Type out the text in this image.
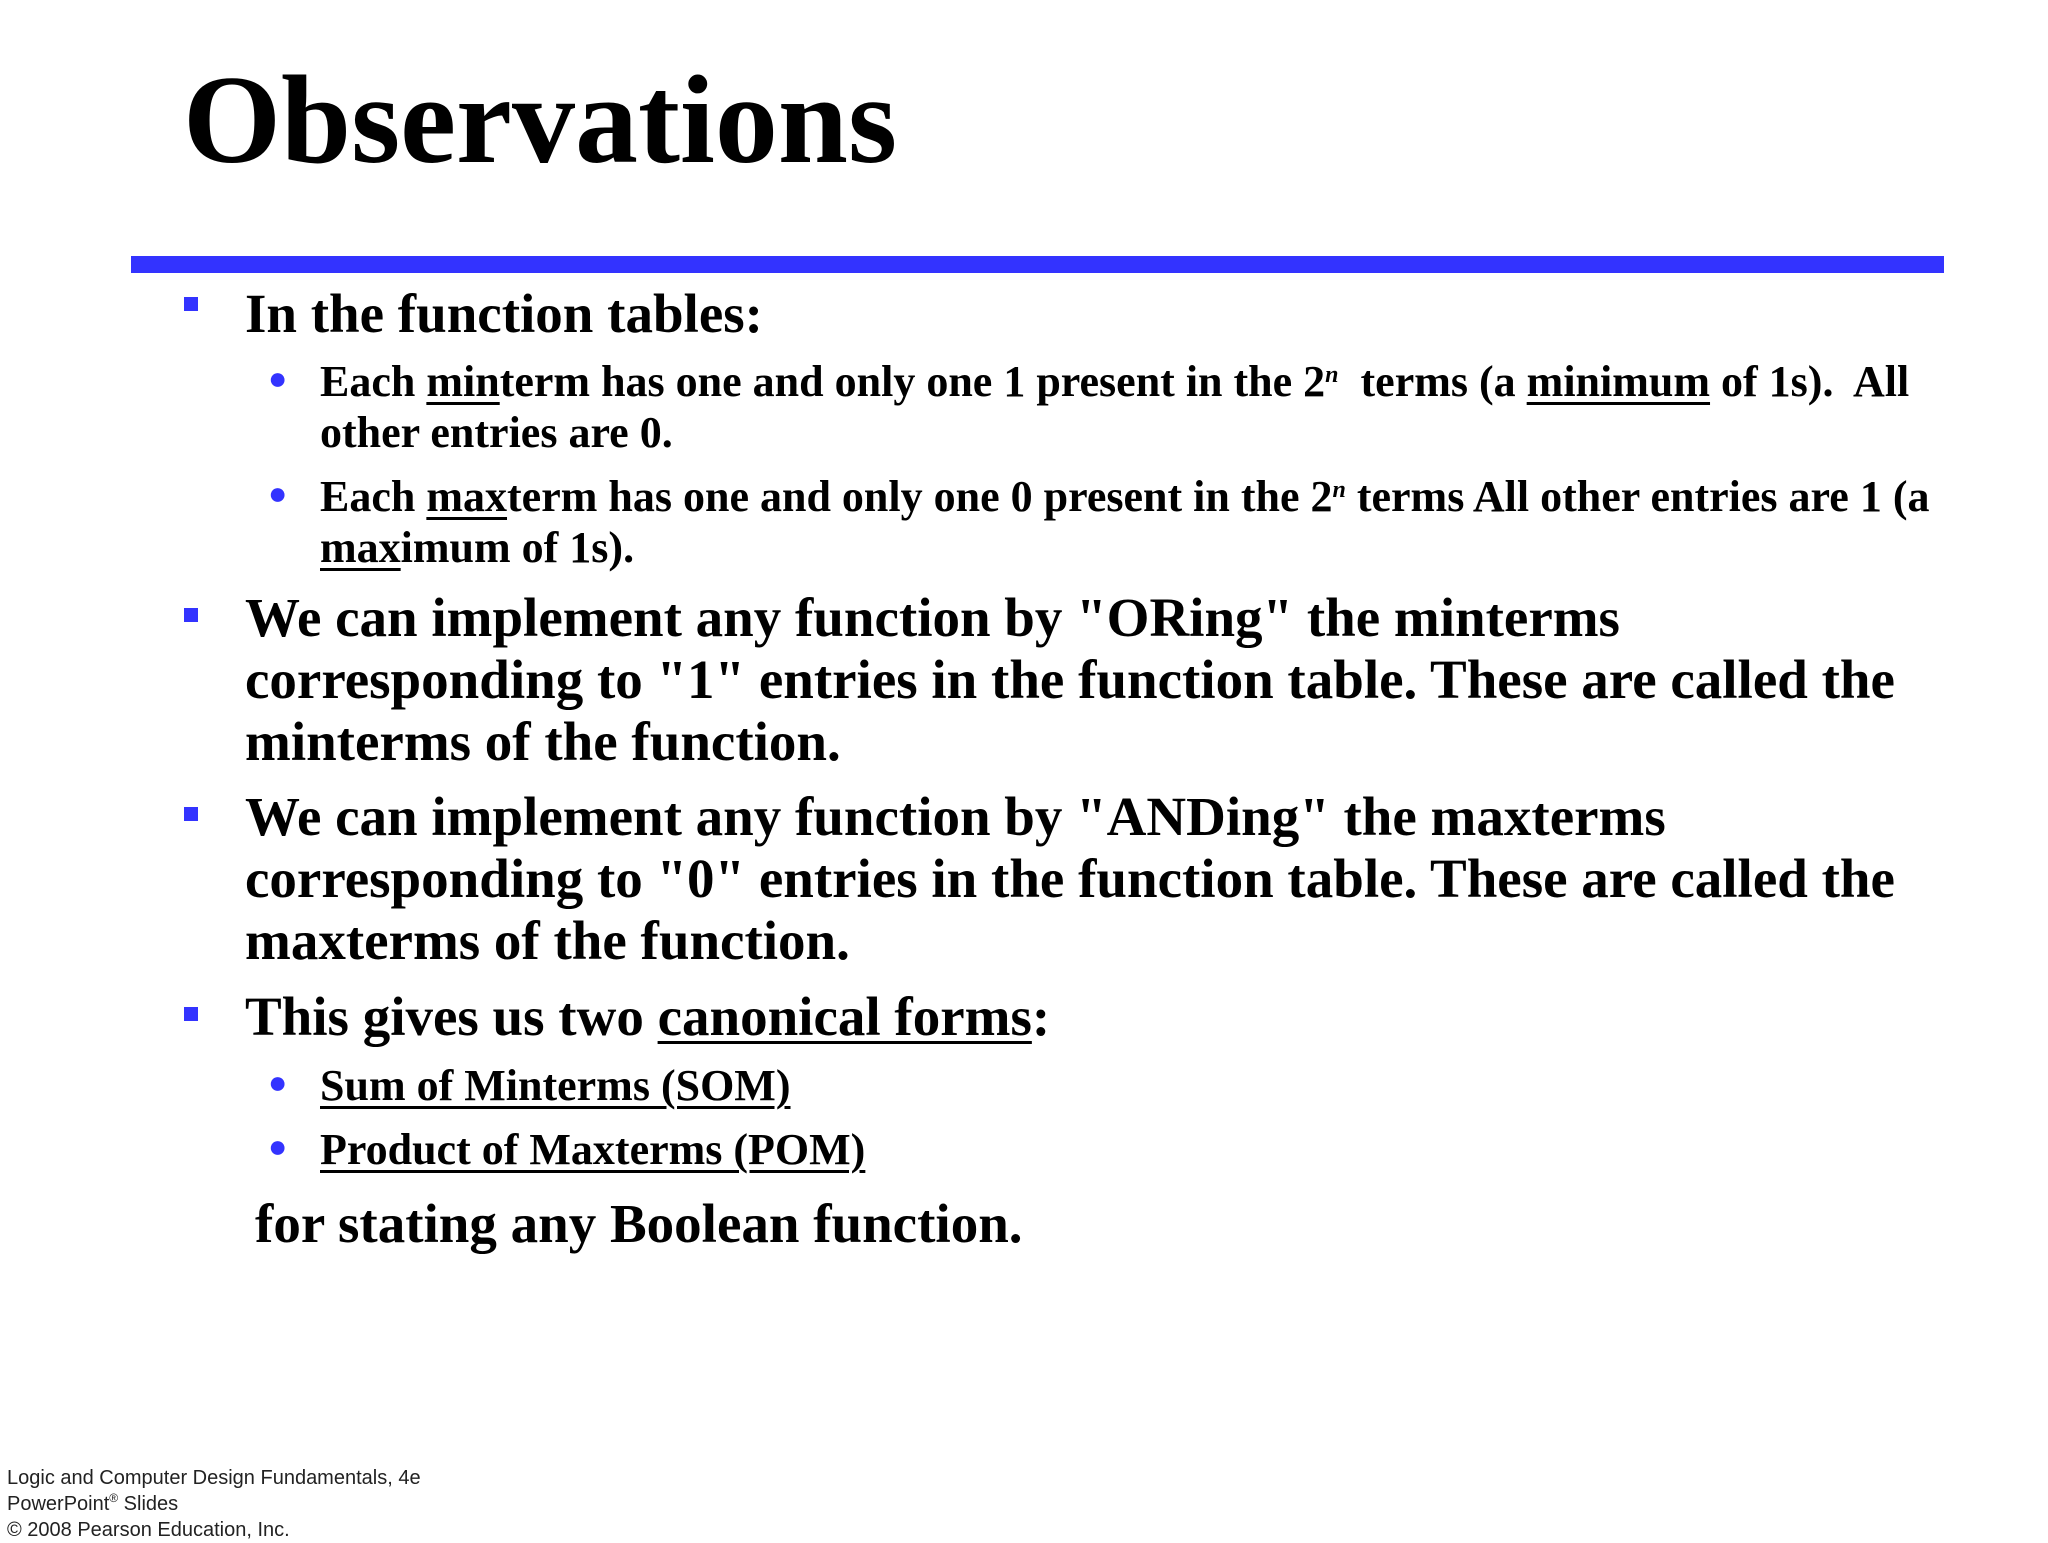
Observations
In the function tables:
● Each minterm has one and only one 1 present in the 2$^n$  terms (a minimum of 1s).  All other entries are 0.
● Each maxterm has one and only one 0 present in the 2$^n$ terms All other entries are 1 (a maximum of 1s).
We can implement any function by "ORing" the minterms corresponding to "1" entries in the function table. These are called the minterms of the function.
We can implement any function by "ANDing" the maxterms corresponding to "0" entries in the function table. These are called the maxterms of the function.
This gives us two canonical forms:
● Sum of Minterms (SOM)
● Product of Maxterms (POM)
for stating any Boolean function.
Logic and Computer Design Fundamentals, 4e
PowerPoint® Slides
© 2008 Pearson Education, Inc.
